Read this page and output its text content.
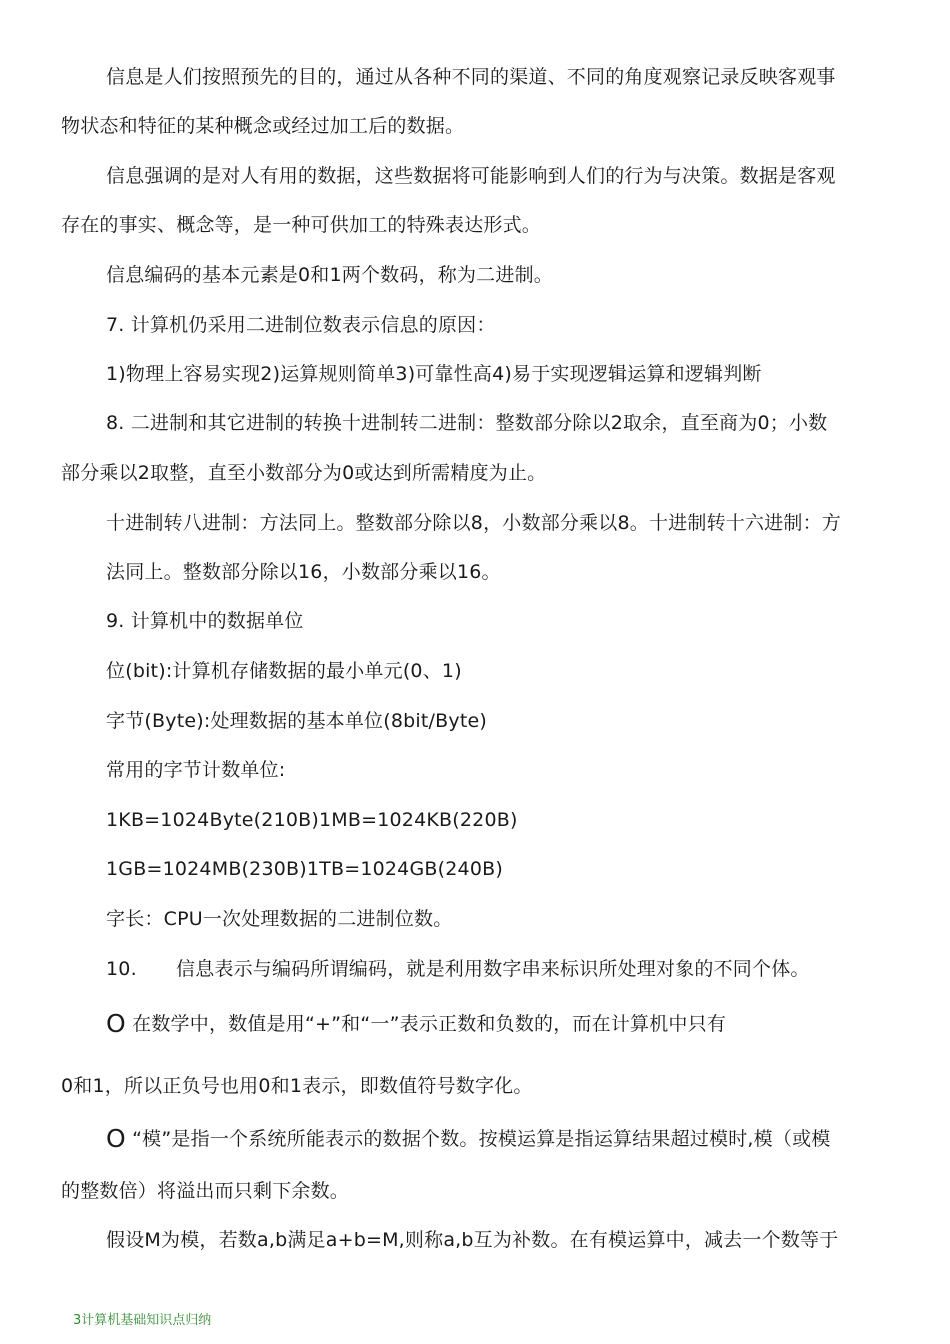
信息是人们按照预先的目的，通过从各种不同的渠道、不同的角度观察记录反映客观事
物状态和特征的某种概念或经过加工后的数据。
信息强调的是对人有用的数据，这些数据将可能影响到人们的行为与决策。数据是客观
存在的事实、概念等，是一种可供加工的特殊表达形式。
信息编码的基本元素是0和1两个数码，称为二进制。
7. 计算机仍采用二进制位数表示信息的原因：
1)物理上容易实现2)运算规则简单3)可靠性高4)易于实现逻辑运算和逻辑判断
8. 二进制和其它进制的转换十进制转二进制：整数部分除以2取余，直至商为0；小数
部分乘以2取整，直至小数部分为0或达到所需精度为止。
十进制转八进制：方法同上。整数部分除以8，小数部分乘以8。十进制转十六进制：方
法同上。整数部分除以16，小数部分乘以16。
9. 计算机中的数据单位
位(bit):计算机存储数据的最小单元(0、1)
字节(Byte):处理数据的基本单位(8bit/Byte)
常用的字节计数单位:
1KB=1024Byte(210B)1MB=1024KB(220B)
1GB=1024MB(230B)1TB=1024GB(240B)
字长：CPU一次处理数据的二进制位数。
10. 信息表示与编码所谓编码，就是利用数字串来标识所处理对象的不同个体。
O 在数学中，数值是用“+”和“一”表示正数和负数的，而在计算机中只有
0和1，所以正负号也用0和1表示，即数值符号数字化。
O “模”是指一个系统所能表示的数据个数。按模运算是指运算结果超过模时,模（或模
的整数倍）将溢出而只剩下余数。
假设M为模，若数a,b满足a+b=M,则称a,b互为补数。在有模运算中，减去一个数等于
3计算机基础知识点归纳
